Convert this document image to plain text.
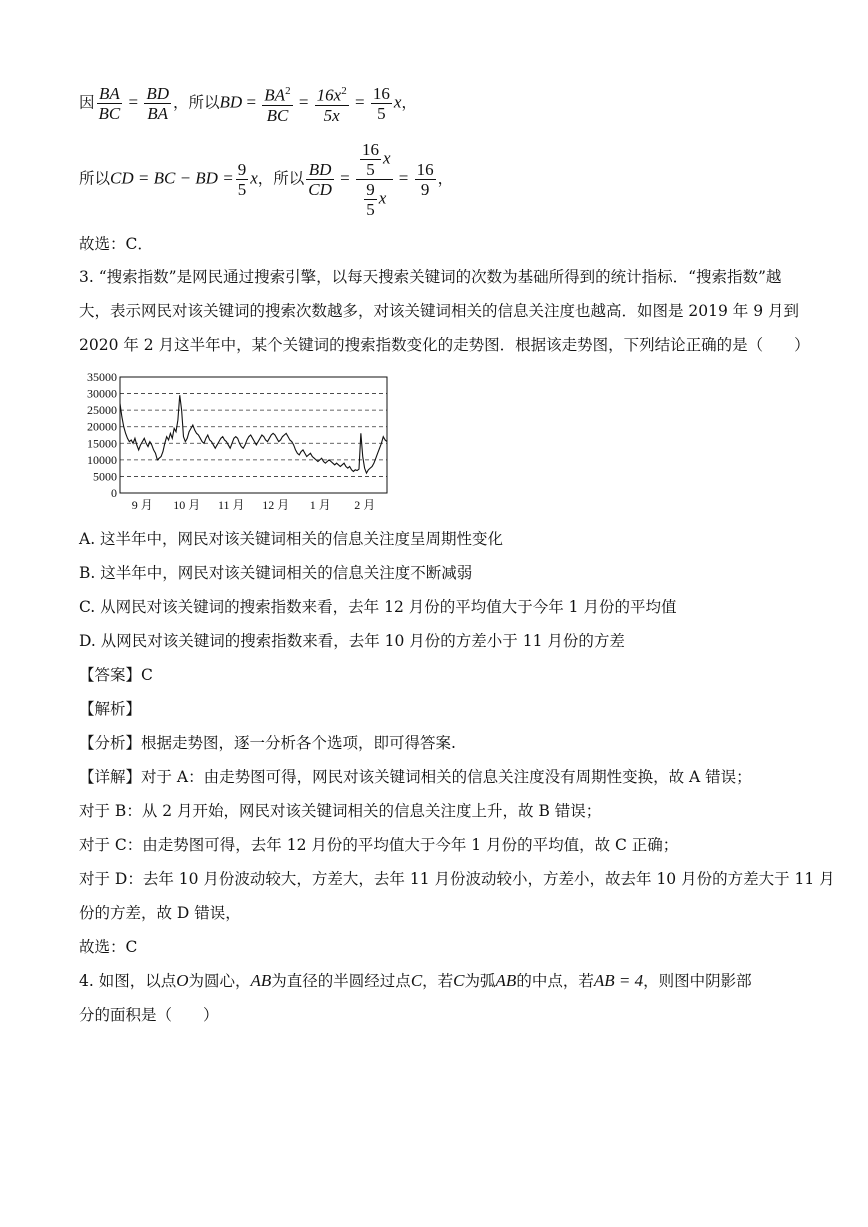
因 $\frac{BA}{BC} = \frac{BD}{BA}$ ，所以BD = $\frac{BA^2}{BC} = \frac{16x^2}{5x} = \frac{16}{5}$ x，
所以CD = BC − BD = $\frac{9}{5}$ x，所以 $\frac{BD}{CD} = \frac{\frac{16}{5} x}{\frac{9}{5} x} = \frac{16}{9}$ ，
故选：C．
3. “搜索指数”是网民通过搜索引擎，以每天搜索关键词的次数为基础所得到的统计指标．“搜索指数”越
大，表示网民对该关键词的搜索次数越多，对该关键词相关的信息关注度也越高．如图是 2019 年 9 月到
2020 年 2 月这半年中，某个关键词的搜索指数变化的走势图．根据该走势图，下列结论正确的是（　　）
35000
30000
25000
20000
15000
10000
5000
0
9 月 10 月 11 月 12 月 1 月 2 月
A. 这半年中，网民对该关键词相关的信息关注度呈周期性变化
B. 这半年中，网民对该关键词相关的信息关注度不断减弱
C. 从网民对该关键词的搜索指数来看，去年 12 月份的平均值大于今年 1 月份的平均值
D. 从网民对该关键词的搜索指数来看，去年 10 月份的方差小于 11 月份的方差
【答案】C
【解析】
【分析】根据走势图，逐一分析各个选项，即可得答案.
【详解】对于 A：由走势图可得，网民对该关键词相关的信息关注度没有周期性变换，故 A 错误；
对于 B：从 2 月开始，网民对该关键词相关的信息关注度上升，故 B 错误；
对于 C：由走势图可得，去年 12 月份的平均值大于今年 1 月份的平均值，故 C 正确；
对于 D：去年 10 月份波动较大，方差大，去年 11 月份波动较小，方差小，故去年 10 月份的方差大于 11 月
份的方差，故 D 错误，
故选：C
4. 如图，以点O为圆心，AB为直径的半圆经过点C，若C为弧AB的中点，若AB = 4，则图中阴影部
分的面积是（　　）
